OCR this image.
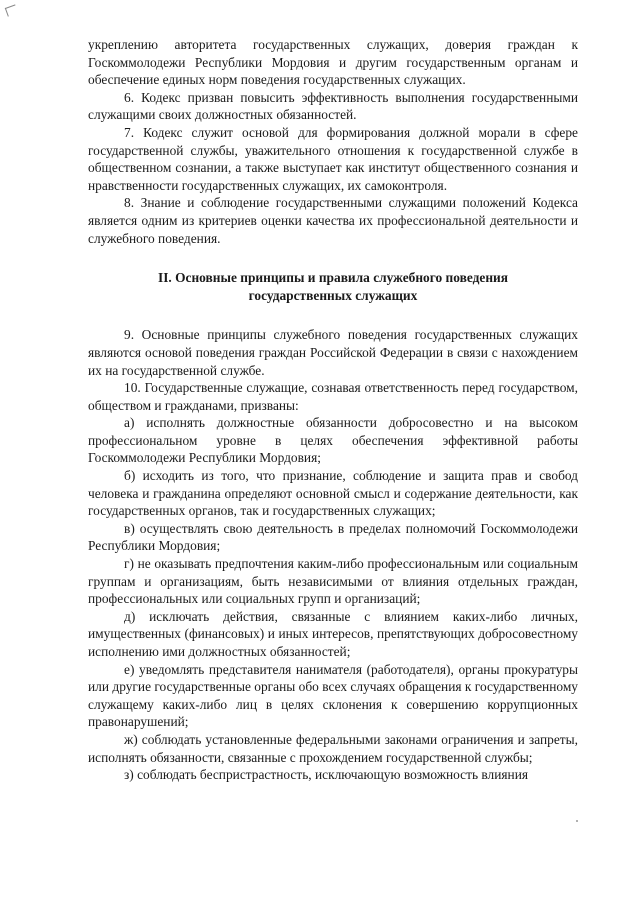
укреплению авторитета государственных служащих, доверия граждан к Госкоммолодежи Республики Мордовия и другим государственным органам и обеспечение единых норм поведения государственных служащих.

6. Кодекс призван повысить эффективность выполнения государственными служащими своих должностных обязанностей.

7. Кодекс служит основой для формирования должной морали в сфере государственной службы, уважительного отношения к государственной службе в общественном сознании, а также выступает как институт общественного сознания и нравственности государственных служащих, их самоконтроля.

8. Знание и соблюдение государственными служащими положений Кодекса является одним из критериев оценки качества их профессиональной деятельности и служебного поведения.

II. Основные принципы и правила служебного поведения
государственных служащих

9. Основные принципы служебного поведения государственных служащих являются основой поведения граждан Российской Федерации в связи с нахождением их на государственной службе.

10. Государственные служащие, сознавая ответственность перед государством, обществом и гражданами, призваны:

а) исполнять должностные обязанности добросовестно и на высоком профессиональном уровне в целях обеспечения эффективной работы Госкоммолодежи Республики Мордовия;

б) исходить из того, что признание, соблюдение и защита прав и свобод человека и гражданина определяют основной смысл и содержание деятельности, как государственных органов, так и государственных служащих;

в) осуществлять свою деятельность в пределах полномочий Госкоммолодежи Республики Мордовия;

г) не оказывать предпочтения каким-либо профессиональным или социальным группам и организациям, быть независимыми от влияния отдельных граждан, профессиональных или социальных групп и организаций;

д) исключать действия, связанные с влиянием каких-либо личных, имущественных (финансовых) и иных интересов, препятствующих добросовестному исполнению ими должностных обязанностей;

е) уведомлять представителя нанимателя (работодателя), органы прокуратуры или другие государственные органы обо всех случаях обращения к государственному служащему каких-либо лиц в целях склонения к совершению коррупционных правонарушений;

ж) соблюдать установленные федеральными законами ограничения и запреты, исполнять обязанности, связанные с прохождением государственной службы;

з) соблюдать беспристрастность, исключающую возможность влияния
